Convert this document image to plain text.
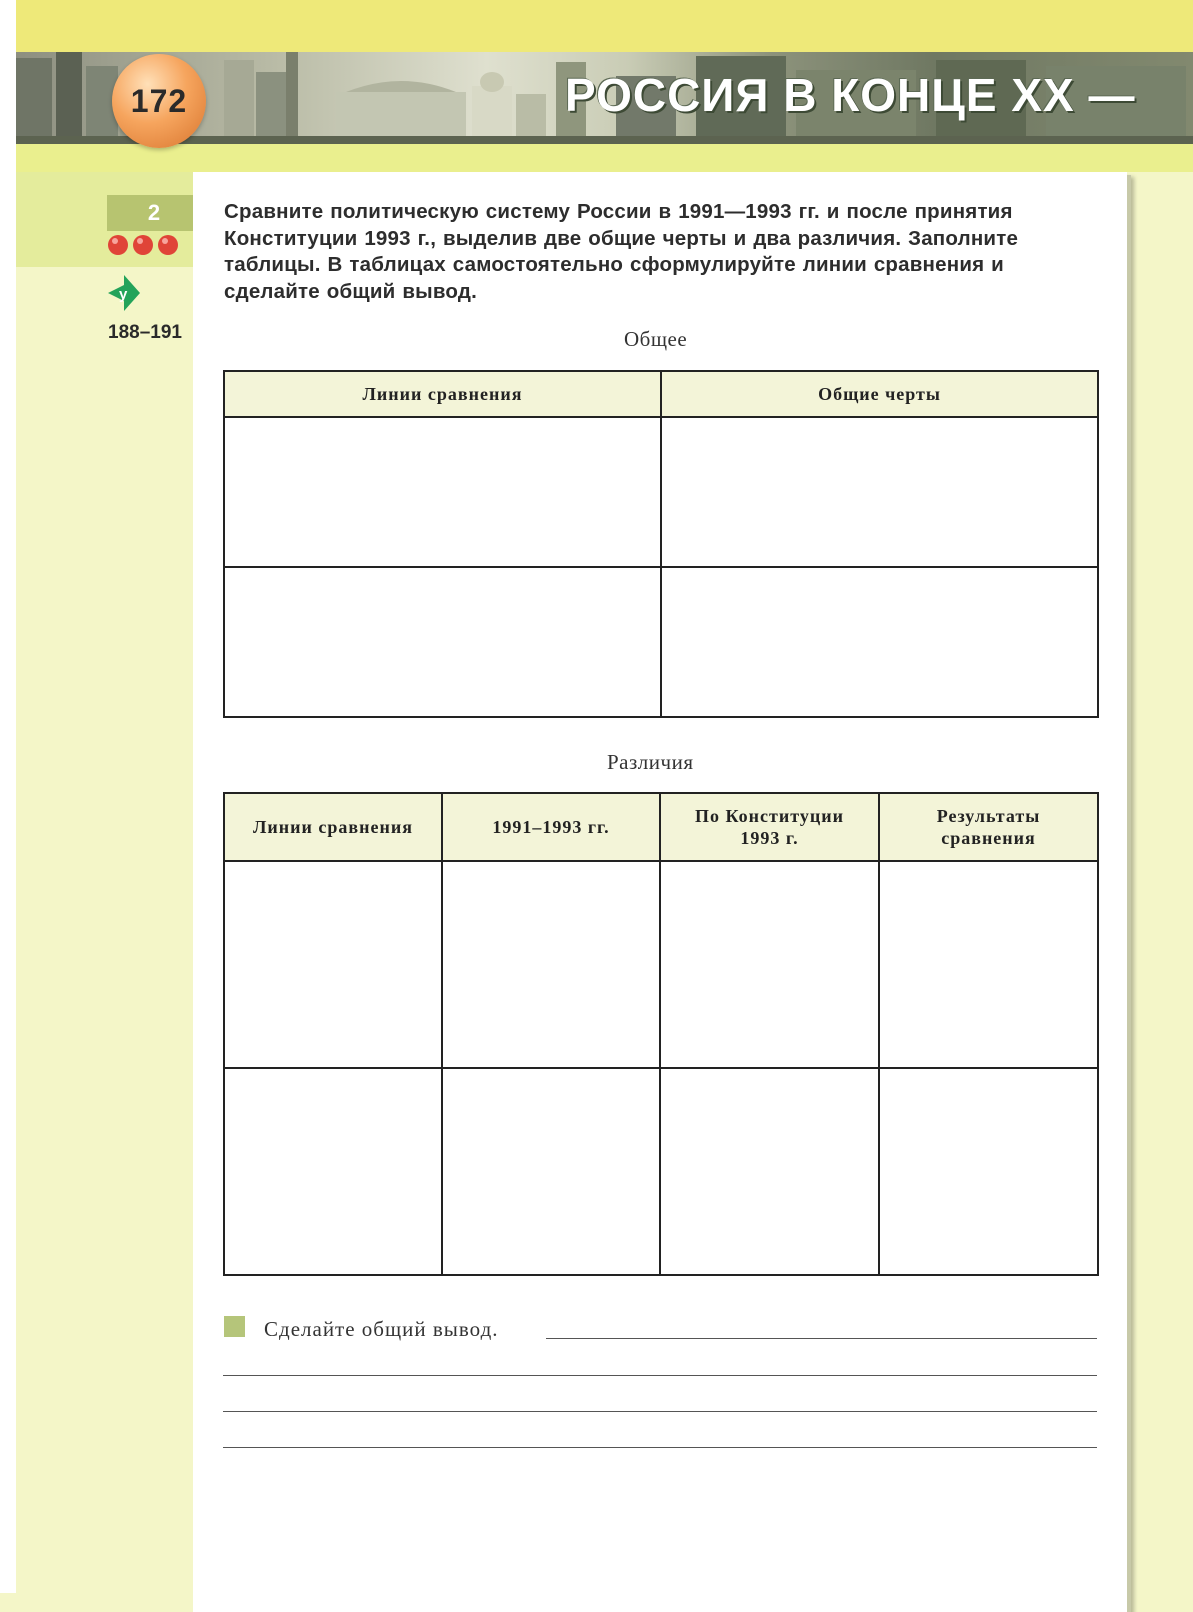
172	РОССИЯ В КОНЦЕ XX —
2
у
188–191

Сравните политическую систему России в 1991—1993 гг. и после принятия Конституции 1993 г., выделив две общие черты и два различия. Заполните таблицы. В таблицах самостоятельно сформулируйте линии сравнения и сделайте общий вывод.

Общее
Линии сравнения	Общие черты

Различия
Линии сравнения	1991–1993 гг.	По Конституции 1993 г.	Результаты сравнения

Сделайте общий вывод.
